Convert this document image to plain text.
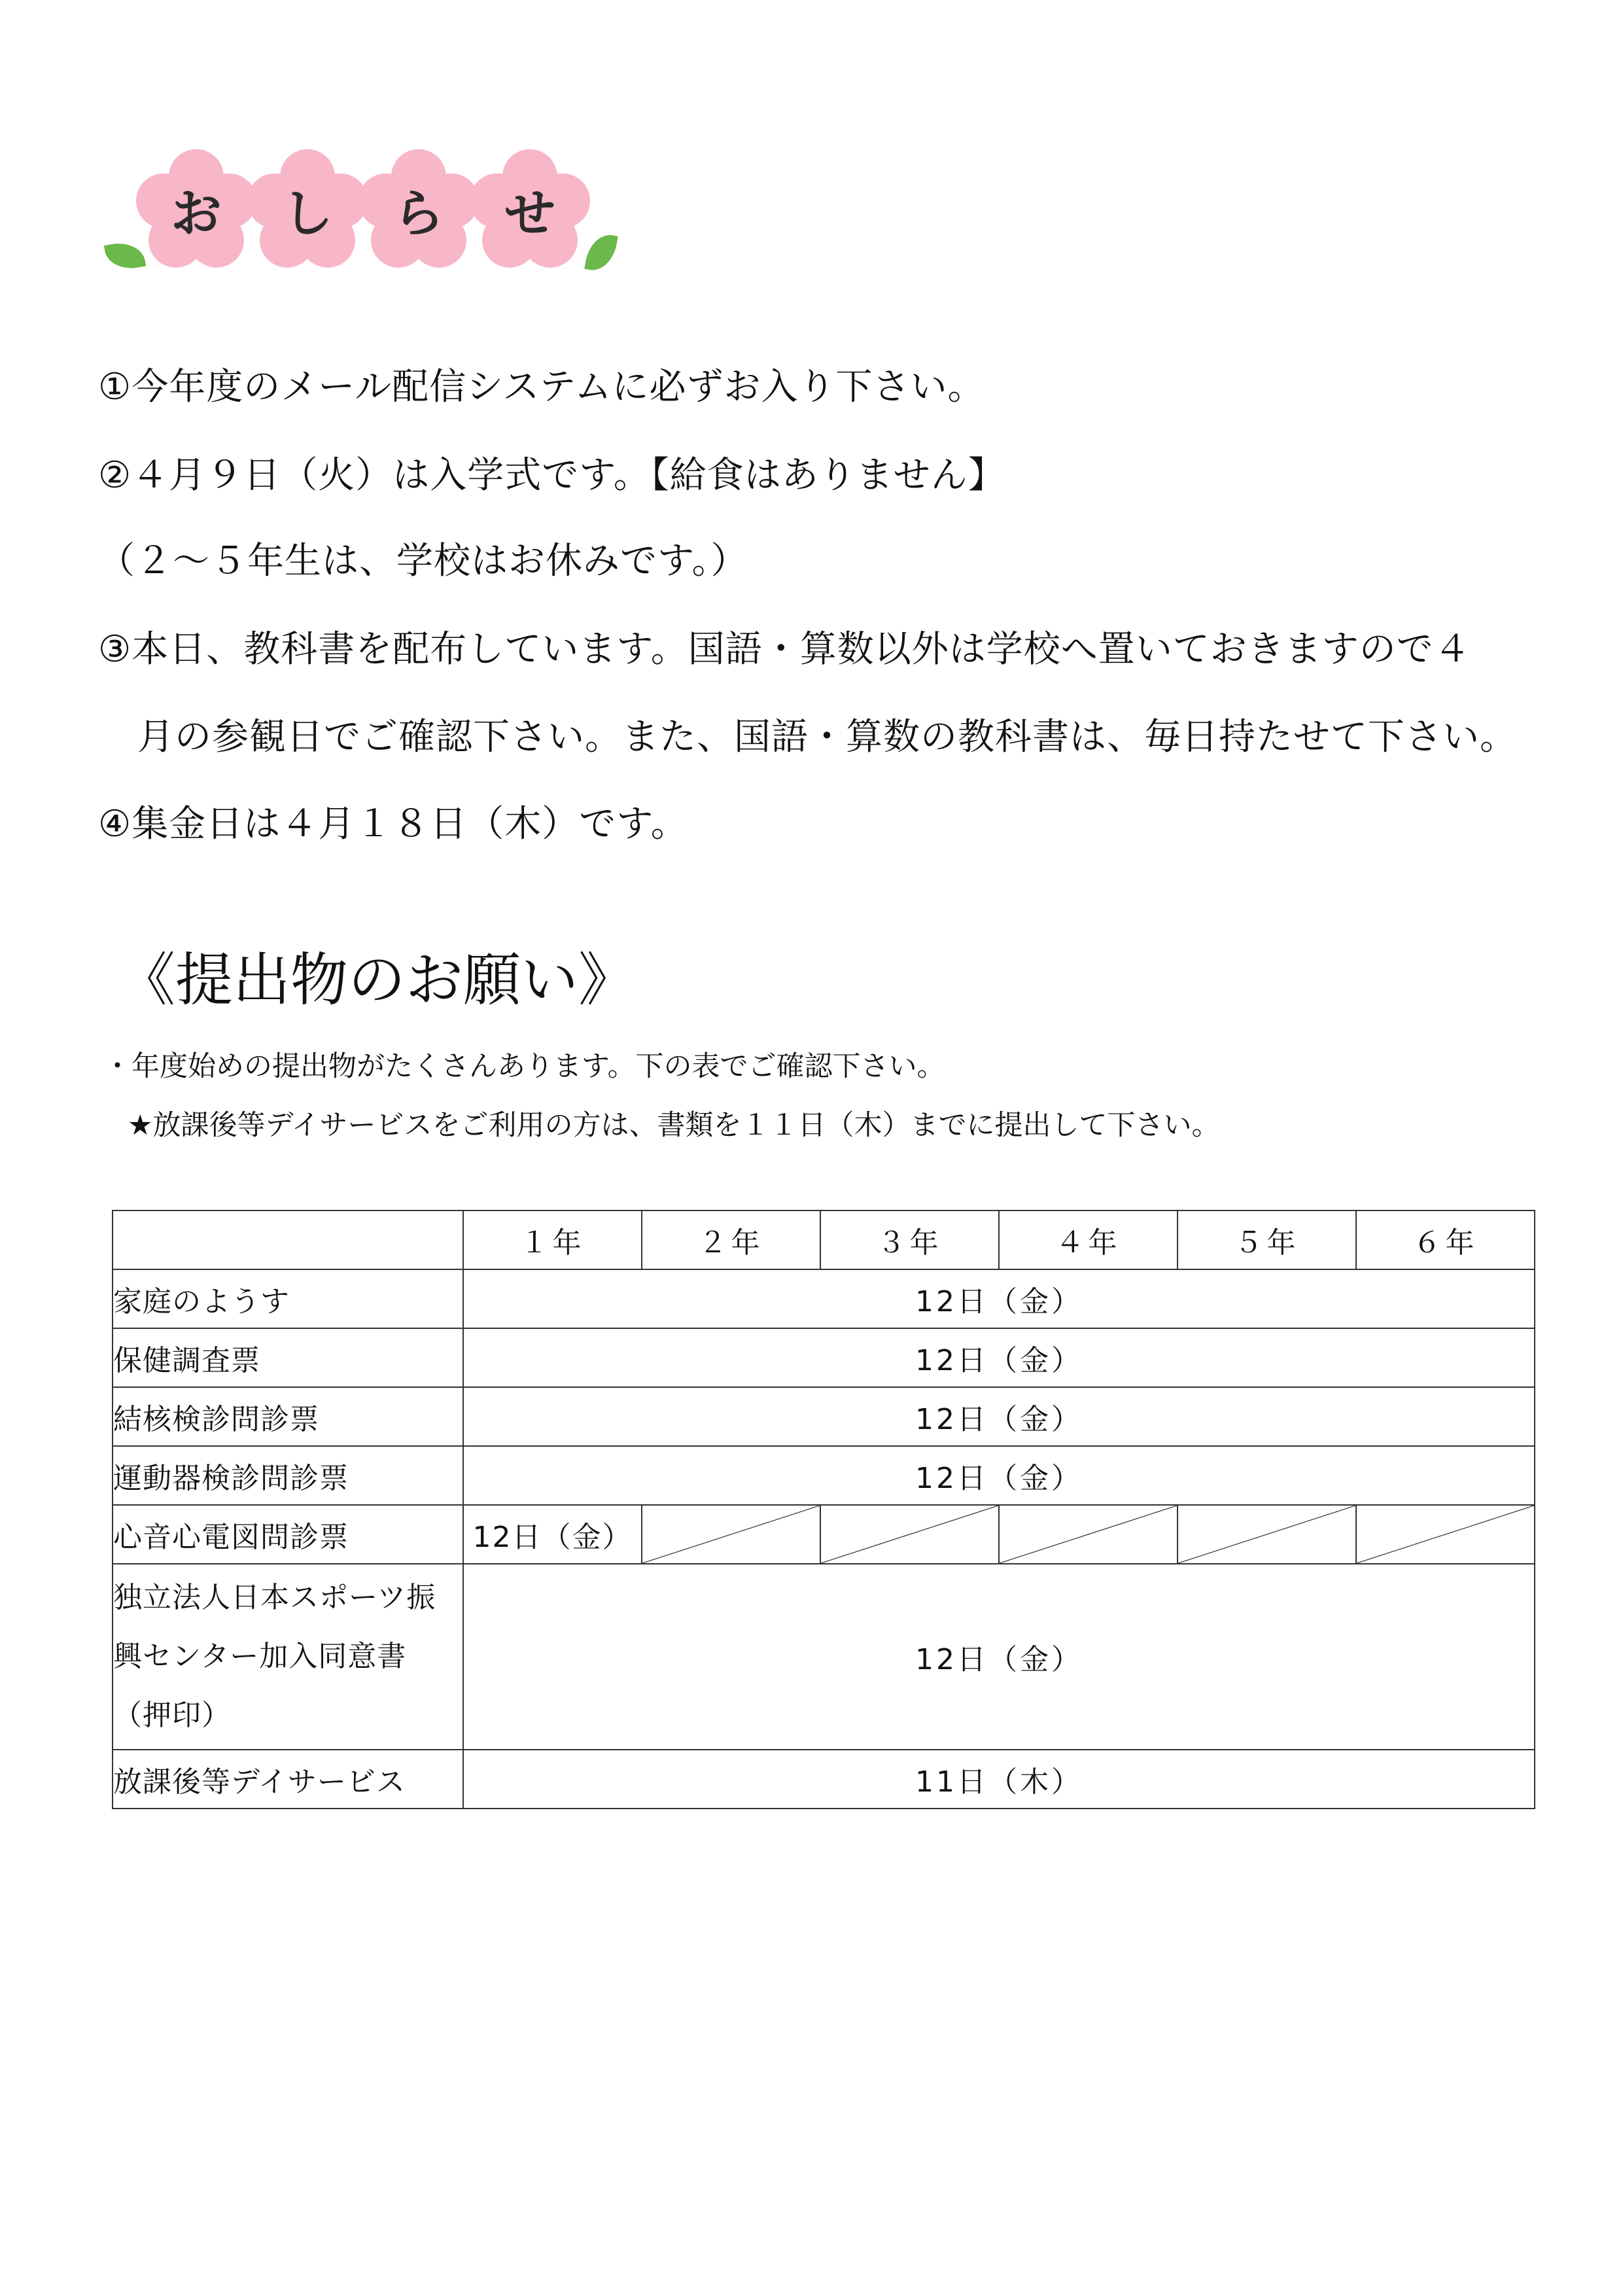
お	し	ら	せ
①今年度のメール配信システムに必ずお入り下さい。
②４月９日（火）は入学式です。【給食はありません】
（２～５年生は、学校はお休みです。）
③本日、教科書を配布しています。国語・算数以外は学校へ置いておきますので４
月の参観日でご確認下さい。また、国語・算数の教科書は、毎日持たせて下さい。
④集金日は４月１８日（木）です。
《提出物のお願い》
・年度始めの提出物がたくさんあります。下の表でご確認下さい。
★放課後等デイサービスをご利用の方は、書類を１１日（木）までに提出して下さい。
	１年	２年	３年	４年	５年	６年
家庭のようす	12日（金）					
保健調査票	12日（金）					
結核検診問診票	12日（金）					
運動器検診問診票	12日（金）					
心音心電図問診票	12日（金）	

独立法人日本スポーツ振
興センター加入同意書
（押印）	12日（金）					
放課後等デイサービス	11日（木）					
